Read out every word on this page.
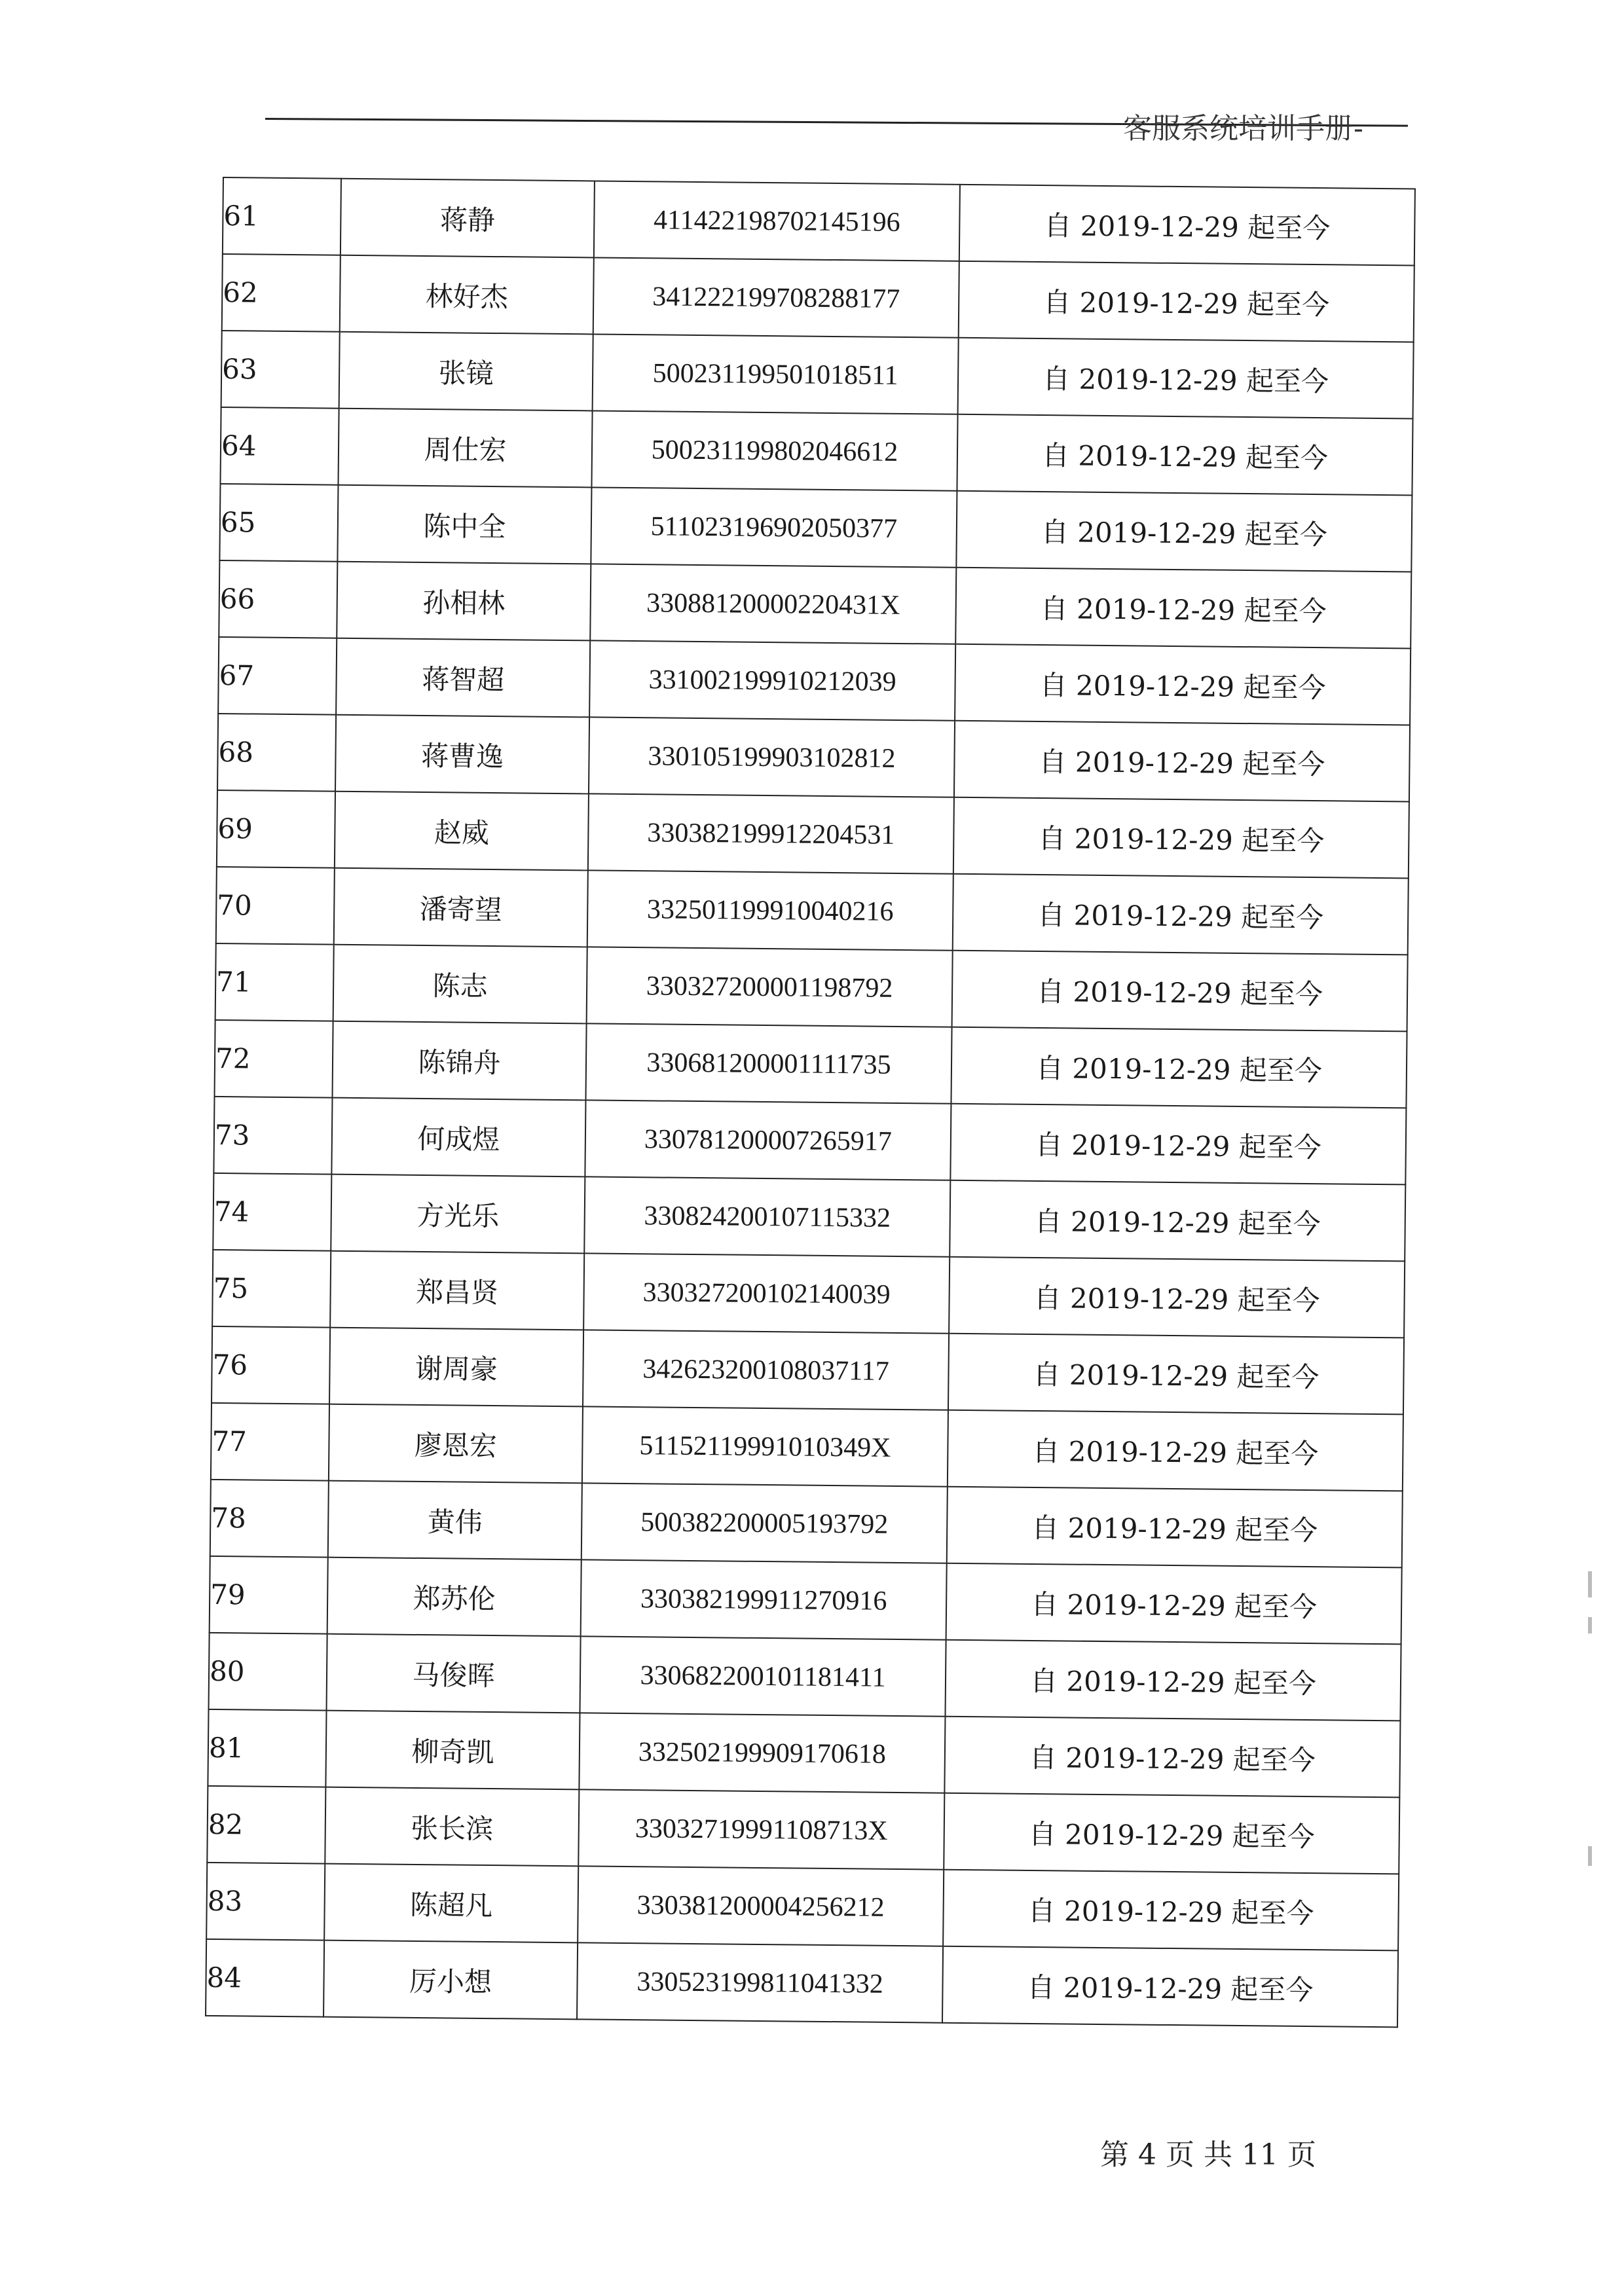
客服系统培训手册-
61	蒋静	411422198702145196	自 2019-12-29 起至今
62	林好杰	341222199708288177	自 2019-12-29 起至今
63	张镜	500231199501018511	自 2019-12-29 起至今
64	周仕宏	500231199802046612	自 2019-12-29 起至今
65	陈中全	511023196902050377	自 2019-12-29 起至今
66	孙相林	33088120000220431X	自 2019-12-29 起至今
67	蒋智超	331002199910212039	自 2019-12-29 起至今
68	蒋曹逸	330105199903102812	自 2019-12-29 起至今
69	赵威	330382199912204531	自 2019-12-29 起至今
70	潘寄望	332501199910040216	自 2019-12-29 起至今
71	陈志	330327200001198792	自 2019-12-29 起至今
72	陈锦舟	330681200001111735	自 2019-12-29 起至今
73	何成煜	330781200007265917	自 2019-12-29 起至今
74	方光乐	330824200107115332	自 2019-12-29 起至今
75	郑昌贤	330327200102140039	自 2019-12-29 起至今
76	谢周豪	342623200108037117	自 2019-12-29 起至今
77	廖恩宏	51152119991010349X	自 2019-12-29 起至今
78	黄伟	500382200005193792	自 2019-12-29 起至今
79	郑苏伦	330382199911270916	自 2019-12-29 起至今
80	马俊晖	330682200101181411	自 2019-12-29 起至今
81	柳奇凯	332502199909170618	自 2019-12-29 起至今
82	张长滨	33032719991108713X	自 2019-12-29 起至今
83	陈超凡	330381200004256212	自 2019-12-29 起至今
84	厉小想	330523199811041332	自 2019-12-29 起至今
第 4 页 共 11 页
